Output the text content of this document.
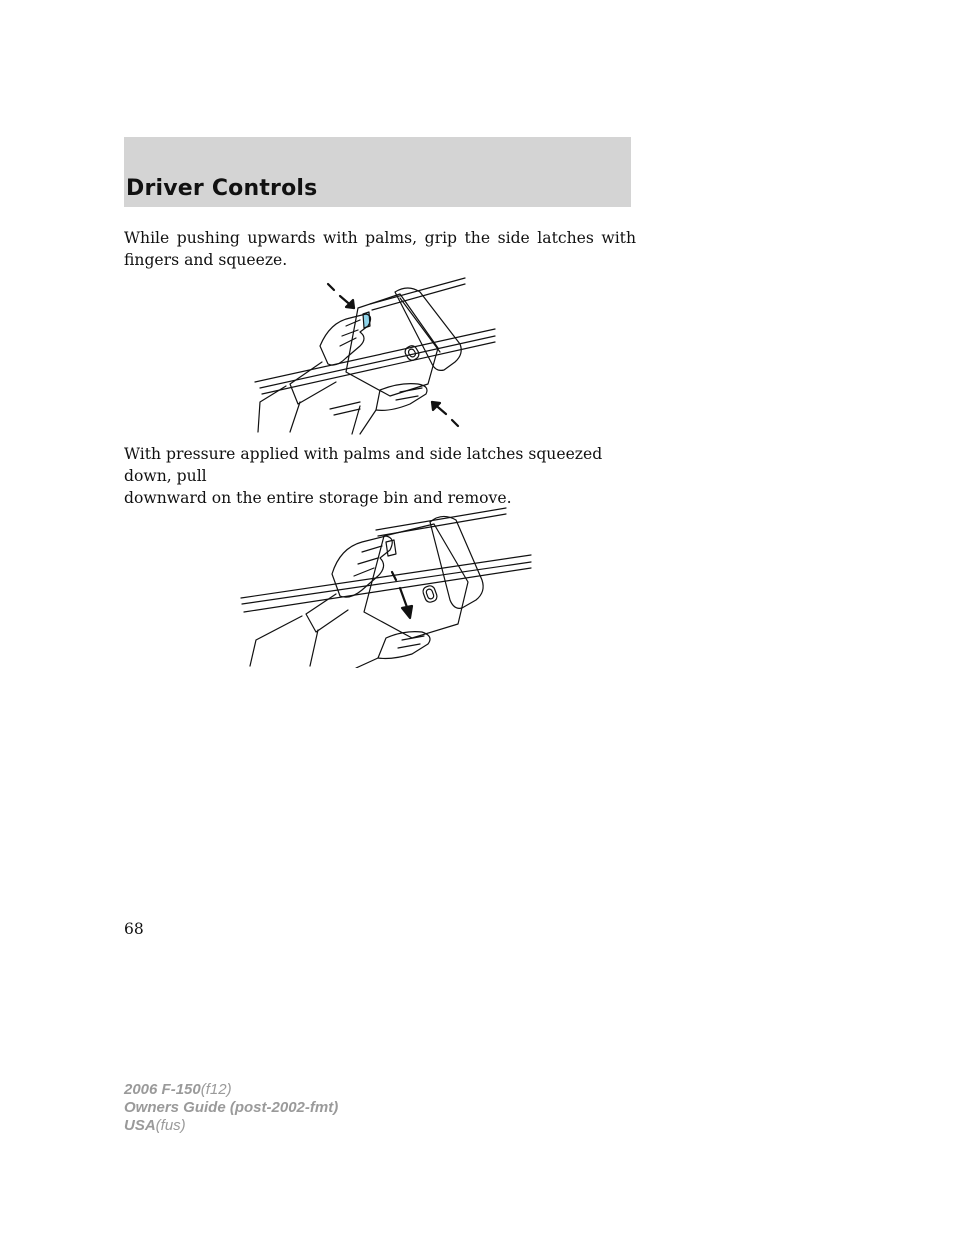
Driver Controls

While pushing upwards with palms, grip the side latches with fingers and squeeze.

With pressure applied with palms and side latches squeezed down, pull
downward on the entire storage bin and remove.

68
2006 F-150(f12)
Owners Guide (post-2002-fmt)
USA(fus)
